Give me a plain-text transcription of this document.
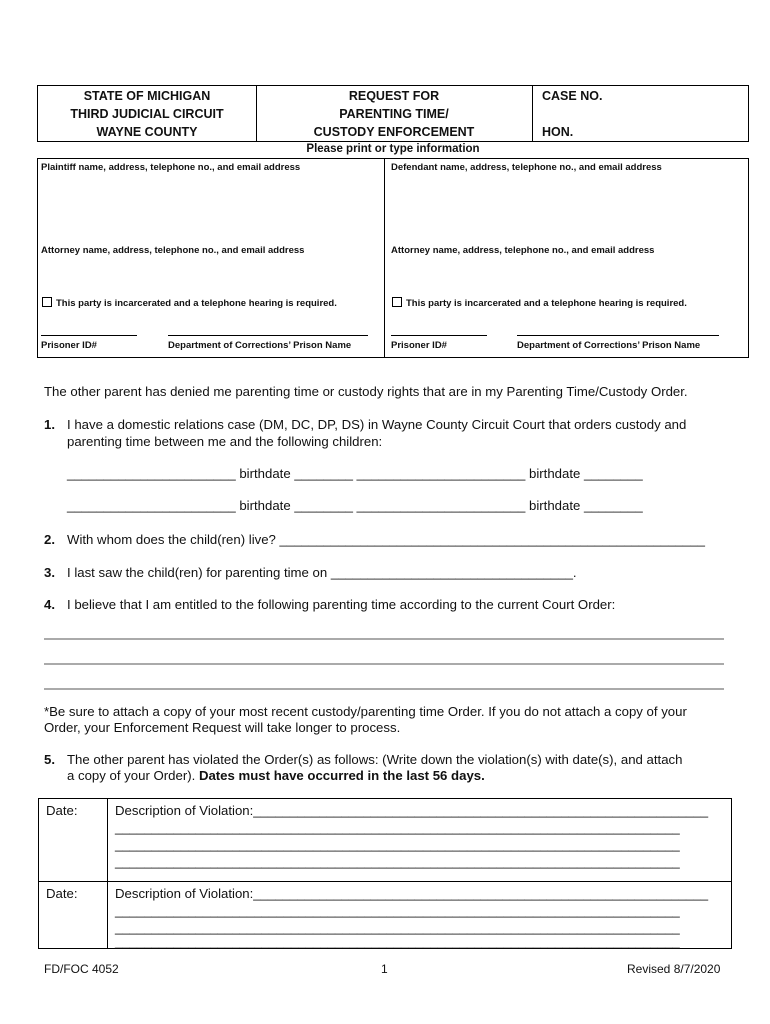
STATE OF MICHIGAN
THIRD JUDICIAL CIRCUIT
WAYNE COUNTY
REQUEST FOR
PARENTING TIME/
CUSTODY ENFORCEMENT
CASE NO.
HON.
Please print or type information
Plaintiff name, address, telephone no., and email address
Attorney name, address, telephone no., and email address
This party is incarcerated and a telephone hearing is required.
Prisoner ID#	Department of Corrections’ Prison Name
Defendant name, address, telephone no., and email address
Attorney name, address, telephone no., and email address
This party is incarcerated and a telephone hearing is required.
Prisoner ID#	Department of Corrections’ Prison Name
The other parent has denied me parenting time or custody rights that are in my Parenting Time/Custody Order.
1. I have a domestic relations case (DM, DC, DP, DS) in Wayne County Circuit Court that orders custody and
parenting time between me and the following children:
_______________________ birthdate ________ _______________________ birthdate ________
_______________________ birthdate ________ _______________________ birthdate ________
2. With whom does the child(ren) live? __________________________________________________________
3. I last saw the child(ren) for parenting time on _________________________________.
4. I believe that I am entitled to the following parenting time according to the current Court Order:
*Be sure to attach a copy of your most recent custody/parenting time Order. If you do not attach a copy of your
Order, your Enforcement Request will take longer to process.
5. The other parent has violated the Order(s) as follows: (Write down the violation(s) with date(s), and attach
a copy of your Order). Dates must have occurred in the last 56 days.
Date:	Description of Violation:______________________________________________________________
_____________________________________________________________________________
_____________________________________________________________________________
_____________________________________________________________________________
Date:	Description of Violation:______________________________________________________________
_____________________________________________________________________________
_____________________________________________________________________________
_____________________________________________________________________________
FD/FOC 4052	1	Revised 8/7/2020
